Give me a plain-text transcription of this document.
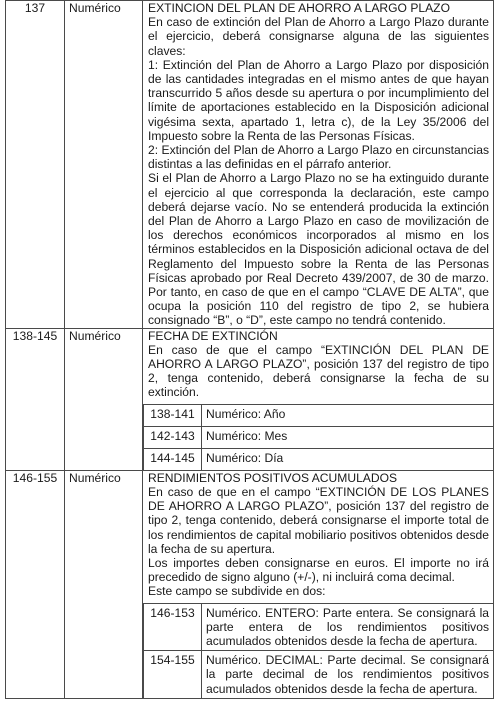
137	Numérico	EXTINCION DEL PLAN DE AHORRO A LARGO PLAZO

En caso de extinción del Plan de Ahorro a Largo Plazo durante el ejercicio, deberá consignarse alguna de las siguientes claves:

1: Extinción del Plan de Ahorro a Largo Plazo por disposición de las cantidades integradas en el mismo antes de que hayan transcurrido 5 años desde su apertura o por incumplimiento del límite de aportaciones establecido en la Disposición adicional vigésima sexta, apartado 1, letra c), de la Ley 35/2006 del Impuesto sobre la Renta de las Personas Físicas.

2: Extinción del Plan de Ahorro a Largo Plazo en circunstancias distintas a las definidas en el párrafo anterior.

Si el Plan de Ahorro a Largo Plazo no se ha extinguido durante el ejercicio al que corresponda la declaración, este campo deberá dejarse vacío. No se entenderá producida la extinción del Plan de Ahorro a Largo Plazo en caso de movilización de los derechos económicos incorporados al mismo en los términos establecidos en la Disposición adicional octava de del Reglamento del Impuesto sobre la Renta de las Personas Físicas aprobado por Real Decreto 439/2007, de 30 de marzo. Por tanto, en caso de que en el campo “CLAVE DE ALTA”, que ocupa la posición 110 del registro de tipo 2, se hubiera consignado “B”, o “D”, este campo no tendrá contenido.

138-145	Numérico	FECHA DE EXTINCIÓN

En caso de que el campo “EXTINCIÓN DEL PLAN DE AHORRO A LARGO PLAZO”, posición 137 del registro de tipo 2, tenga contenido, deberá consignarse la fecha de su extinción.

138-141	Numérico: Año
142-143	Numérico: Mes
144-145	Numérico: Día

146-155	Numérico	RENDIMIENTOS POSITIVOS ACUMULADOS

En caso de que en el campo “EXTINCIÓN DE LOS PLANES DE AHORRO A LARGO PLAZO”, posición 137 del registro de tipo 2, tenga contenido, deberá consignarse el importe total de los rendimientos de capital mobiliario positivos obtenidos desde la fecha de su apertura.

Los importes deben consignarse en euros. El importe no irá precedido de signo alguno (+/-), ni incluirá coma decimal.

Este campo se subdivide en dos:

146-153	Numérico. ENTERO: Parte entera. Se consignará la parte entera de los rendimientos positivos acumulados obtenidos desde la fecha de apertura.
154-155	Numérico. DECIMAL: Parte decimal. Se consignará la parte decimal de los rendimientos positivos acumulados obtenidos desde la fecha de apertura.
